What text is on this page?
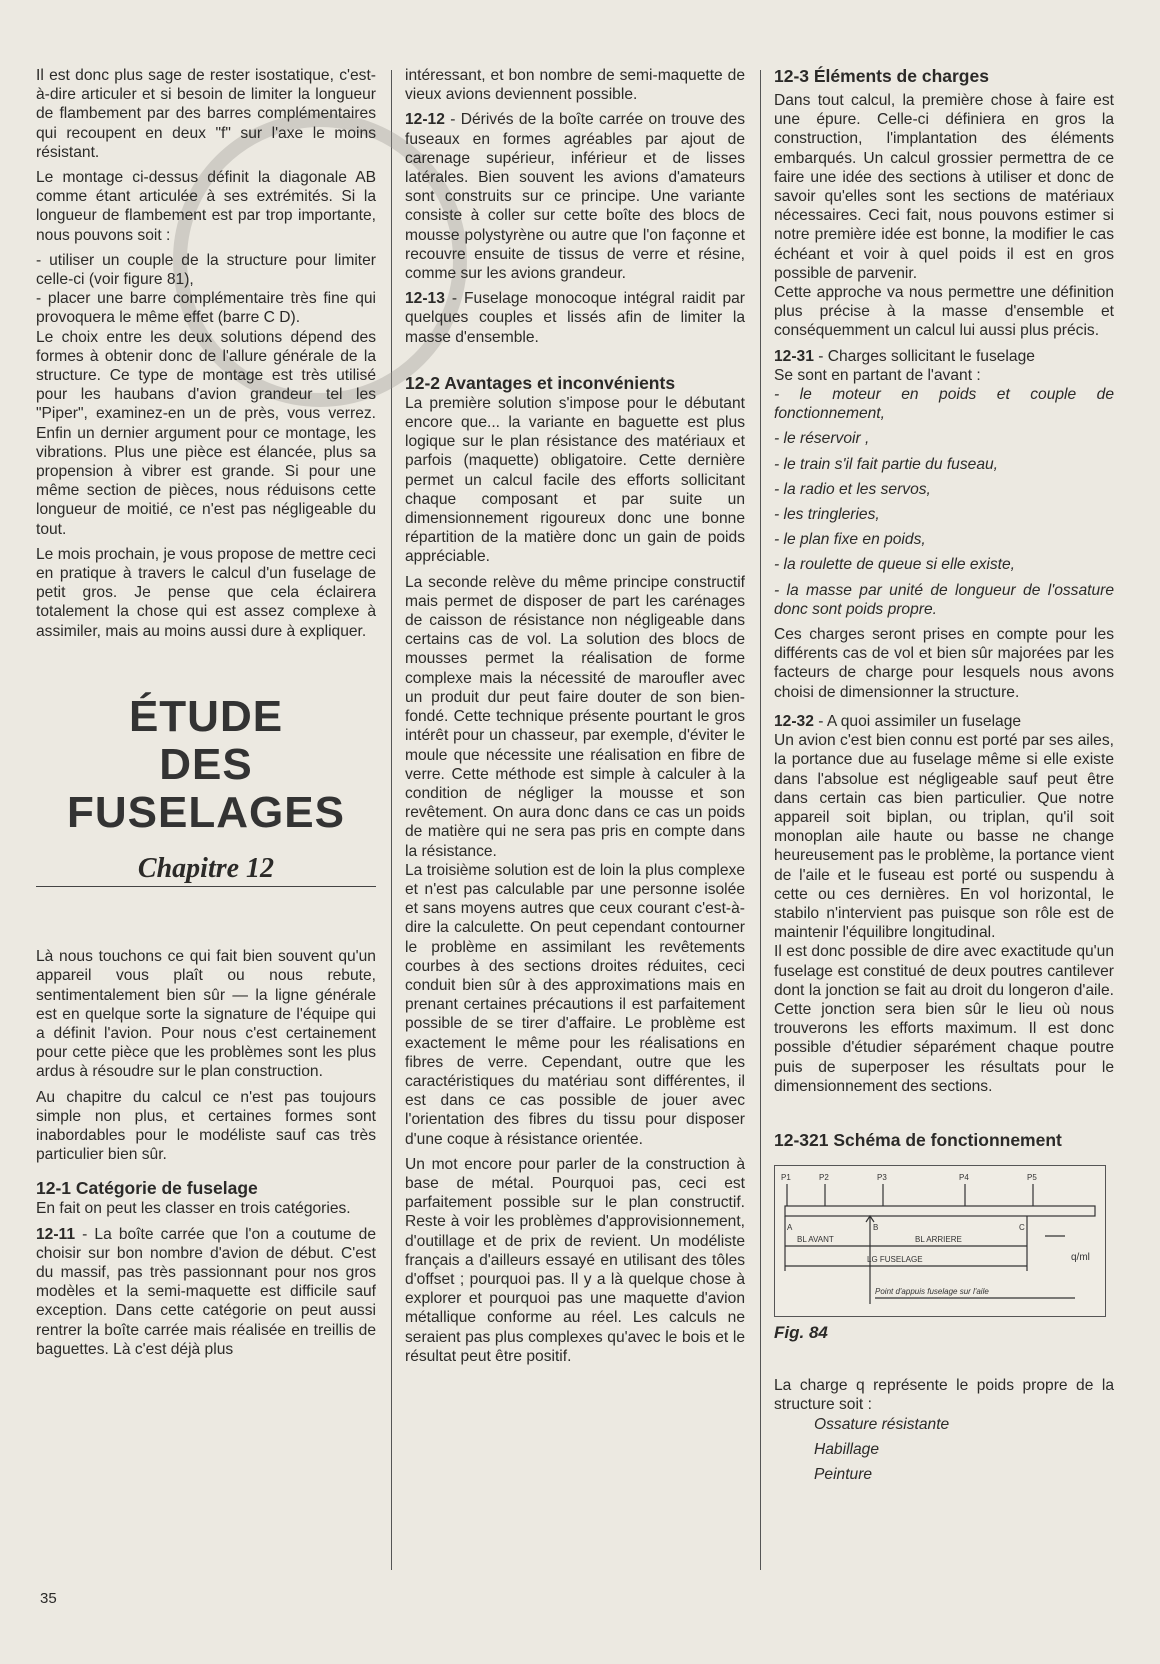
Il est donc plus sage de rester isostatique, c'est-à-dire articuler et si besoin de limiter la longueur de flambement par des barres complémentaires qui recoupent en deux "f" sur l'axe le moins résistant.

Le montage ci-dessus définit la diagonale AB comme étant articulée à ses extrémités. Si la longueur de flambement est par trop importante, nous pouvons soit :

- utiliser un couple de la structure pour limiter celle-ci (voir figure 81),

- placer une barre complémentaire très fine qui provoquera le même effet (barre C D).

Le choix entre les deux solutions dépend des formes à obtenir donc de l'allure générale de la structure. Ce type de montage est très utilisé pour les haubans d'avion grandeur tel les "Piper", examinez-en un de près, vous verrez. Enfin un dernier argument pour ce montage, les vibrations. Plus une pièce est élancée, plus sa propension à vibrer est grande. Si pour une même section de pièces, nous réduisons cette longueur de moitié, ce n'est pas négligeable du tout.

Le mois prochain, je vous propose de mettre ceci en pratique à travers le calcul d'un fuselage de petit gros. Je pense que cela éclairera totalement la chose qui est assez complexe à assimiler, mais au moins aussi dure à expliquer.

ÉTUDE
DES
FUSELAGES
Chapitre 12

Là nous touchons ce qui fait bien souvent qu'un appareil vous plaît ou nous rebute, sentimentalement bien sûr — la ligne générale est en quelque sorte la signature de l'équipe qui a définit l'avion. Pour nous c'est certainement pour cette pièce que les problèmes sont les plus ardus à résoudre sur le plan construction.

Au chapitre du calcul ce n'est pas toujours simple non plus, et certaines formes sont inabordables pour le modéliste sauf cas très particulier bien sûr.

12-1 Catégorie de fuselage

En fait on peut les classer en trois catégories.

12-11 - La boîte carrée que l'on a coutume de choisir sur bon nombre d'avion de début. C'est du massif, pas très passionnant pour nos gros modèles et la semi-maquette est difficile sauf exception. Dans cette catégorie on peut aussi rentrer la boîte carrée mais réalisée en treillis de baguettes. Là c'est déjà plus

intéressant, et bon nombre de semi-maquette de vieux avions deviennent possible.

12-12 - Dérivés de la boîte carrée on trouve des fuseaux en formes agréables par ajout de carenage supérieur, inférieur et de lisses latérales. Bien souvent les avions d'amateurs sont construits sur ce principe. Une variante consiste à coller sur cette boîte des blocs de mousse polystyrène ou autre que l'on façonne et recouvre ensuite de tissus de verre et résine, comme sur les avions grandeur.

12-13 - Fuselage monocoque intégral raidit par quelques couples et lissés afin de limiter la masse d'ensemble.

12-2 Avantages et inconvénients

La première solution s'impose pour le débutant encore que... la variante en baguette est plus logique sur le plan résistance des matériaux et parfois (maquette) obligatoire. Cette dernière permet un calcul facile des efforts sollicitant chaque composant et par suite un dimensionnement rigoureux donc une bonne répartition de la matière donc un gain de poids appréciable.

La seconde relève du même principe constructif mais permet de disposer de part les carénages de caisson de résistance non négligeable dans certains cas de vol. La solution des blocs de mousses permet la réalisation de forme complexe mais la nécessité de maroufler avec un produit dur peut faire douter de son bien-fondé. Cette technique présente pourtant le gros intérêt pour un chasseur, par exemple, d'éviter le moule que nécessite une réalisation en fibre de verre. Cette méthode est simple à calculer à la condition de négliger la mousse et son revêtement. On aura donc dans ce cas un poids de matière qui ne sera pas pris en compte dans la résistance.

La troisième solution est de loin la plus complexe et n'est pas calculable par une personne isolée et sans moyens autres que ceux courant c'est-à-dire la calculette. On peut cependant contourner le problème en assimilant les revêtements courbes à des sections droites réduites, ceci conduit bien sûr à des approximations mais en prenant certaines précautions il est parfaitement possible de se tirer d'affaire. Le problème est exactement le même pour les réalisations en fibres de verre. Cependant, outre que les caractéristiques du matériau sont différentes, il est dans ce cas possible de jouer avec l'orientation des fibres du tissu pour disposer d'une coque à résistance orientée.

Un mot encore pour parler de la construction à base de métal. Pourquoi pas, ceci est parfaitement possible sur le plan constructif. Reste à voir les problèmes d'approvisionnement, d'outillage et de prix de revient. Un modéliste français a d'ailleurs essayé en utilisant des tôles d'offset ; pourquoi pas. Il y a là quelque chose à explorer et pourquoi pas une maquette d'avion métallique conforme au réel. Les calculs ne seraient pas plus complexes qu'avec le bois et le résultat peut être positif.

12-3 Éléments de charges

Dans tout calcul, la première chose à faire est une épure. Celle-ci définiera en gros la construction, l'implantation des éléments embarqués. Un calcul grossier permettra de ce faire une idée des sections à utiliser et donc de savoir qu'elles sont les sections de matériaux nécessaires. Ceci fait, nous pouvons estimer si notre première idée est bonne, la modifier le cas échéant et voir à quel poids il est en gros possible de parvenir.

Cette approche va nous permettre une définition plus précise à la masse d'ensemble et conséquemment un calcul lui aussi plus précis.

12-31 - Charges sollicitant le fuselage

Se sont en partant de l'avant :

- le moteur en poids et couple de fonctionnement,

- le réservoir ,

- le train s'il fait partie du fuseau,

- la radio et les servos,

- les tringleries,

- le plan fixe en poids,

- la roulette de queue si elle existe,

- la masse par unité de longueur de l'ossature donc sont poids propre.

Ces charges seront prises en compte pour les différents cas de vol et bien sûr majorées par les facteurs de charge pour lesquels nous avons choisi de dimensionner la structure.

12-32 - A quoi assimiler un fuselage

Un avion c'est bien connu est porté par ses ailes, la portance due au fuselage même si elle existe dans l'absolue est négligeable sauf peut être dans certain cas bien particulier. Que notre appareil soit biplan, ou triplan, qu'il soit monoplan aile haute ou basse ne change heureusement pas le problème, la portance vient de l'aile et le fuseau est porté ou suspendu à cette ou ces dernières. En vol horizontal, le stabilo n'intervient pas puisque son rôle est de maintenir l'équilibre longitudinal.

Il est donc possible de dire avec exactitude qu'un fuselage est constitué de deux poutres cantilever dont la jonction se fait au droit du longeron d'aile. Cette jonction sera bien sûr le lieu où nous trouverons les efforts maximum. Il est donc possible d'étudier séparément chaque poutre puis de superposer les résultats pour le dimensionnement des sections.

12-321 Schéma de fonctionnement
P1	P2	P3	P4	P5
A	B	C
BL AVANT	BL ARRIERE
LG FUSELAGE	q/ml
Point d'appuis fuselage sur l'aile
Fig. 84

La charge q représente le poids propre de la structure soit :

Ossature résistante

Habillage

Peinture

35
